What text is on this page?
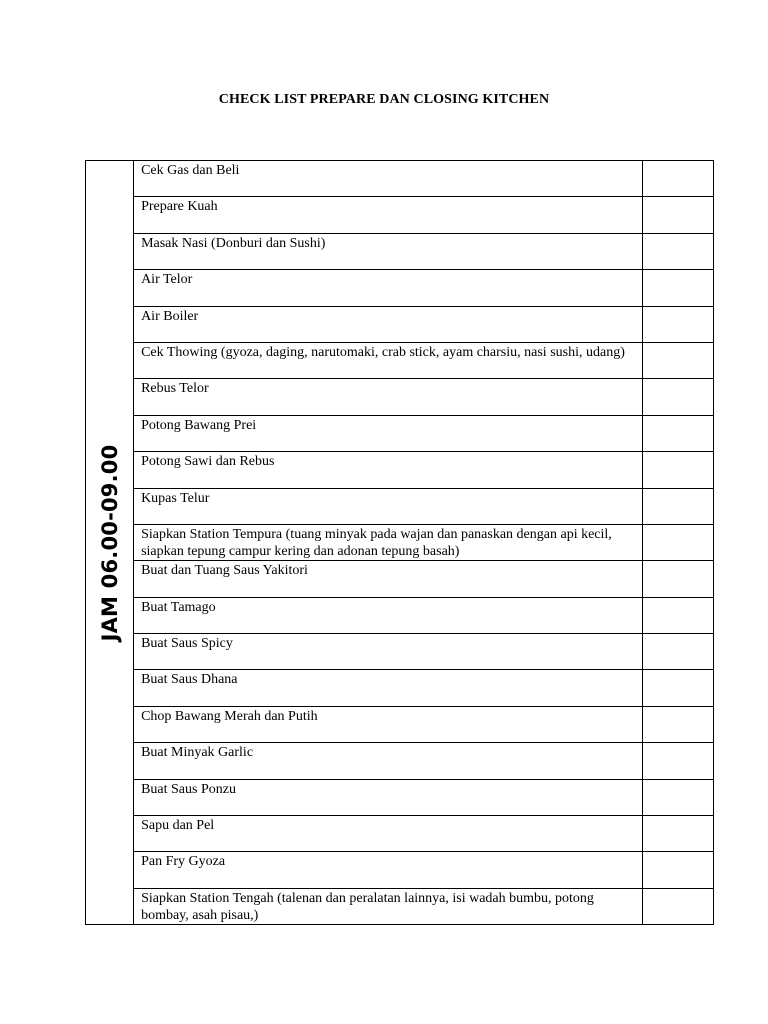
CHECK LIST PREPARE DAN CLOSING KITCHEN
JAM 06.00-09.00	Cek Gas dan Beli	
	Prepare Kuah	
	Masak Nasi (Donburi dan Sushi)	
	Air Telor	
	Air Boiler	
	Cek Thowing (gyoza, daging, narutomaki, crab stick, ayam charsiu, nasi sushi, udang)	
	Rebus Telor	
	Potong Bawang Prei	
	Potong Sawi dan Rebus	
	Kupas Telur	
	Siapkan Station Tempura (tuang minyak pada wajan dan panaskan dengan api kecil, siapkan tepung campur kering dan adonan tepung basah)	
	Buat dan Tuang Saus Yakitori	
	Buat Tamago	
	Buat Saus Spicy	
	Buat Saus Dhana	
	Chop Bawang Merah dan Putih	
	Buat Minyak Garlic	
	Buat Saus Ponzu	
	Sapu dan Pel	
	Pan Fry Gyoza	
	Siapkan Station Tengah (talenan dan peralatan lainnya, isi wadah bumbu, potong bombay, asah pisau,)	
